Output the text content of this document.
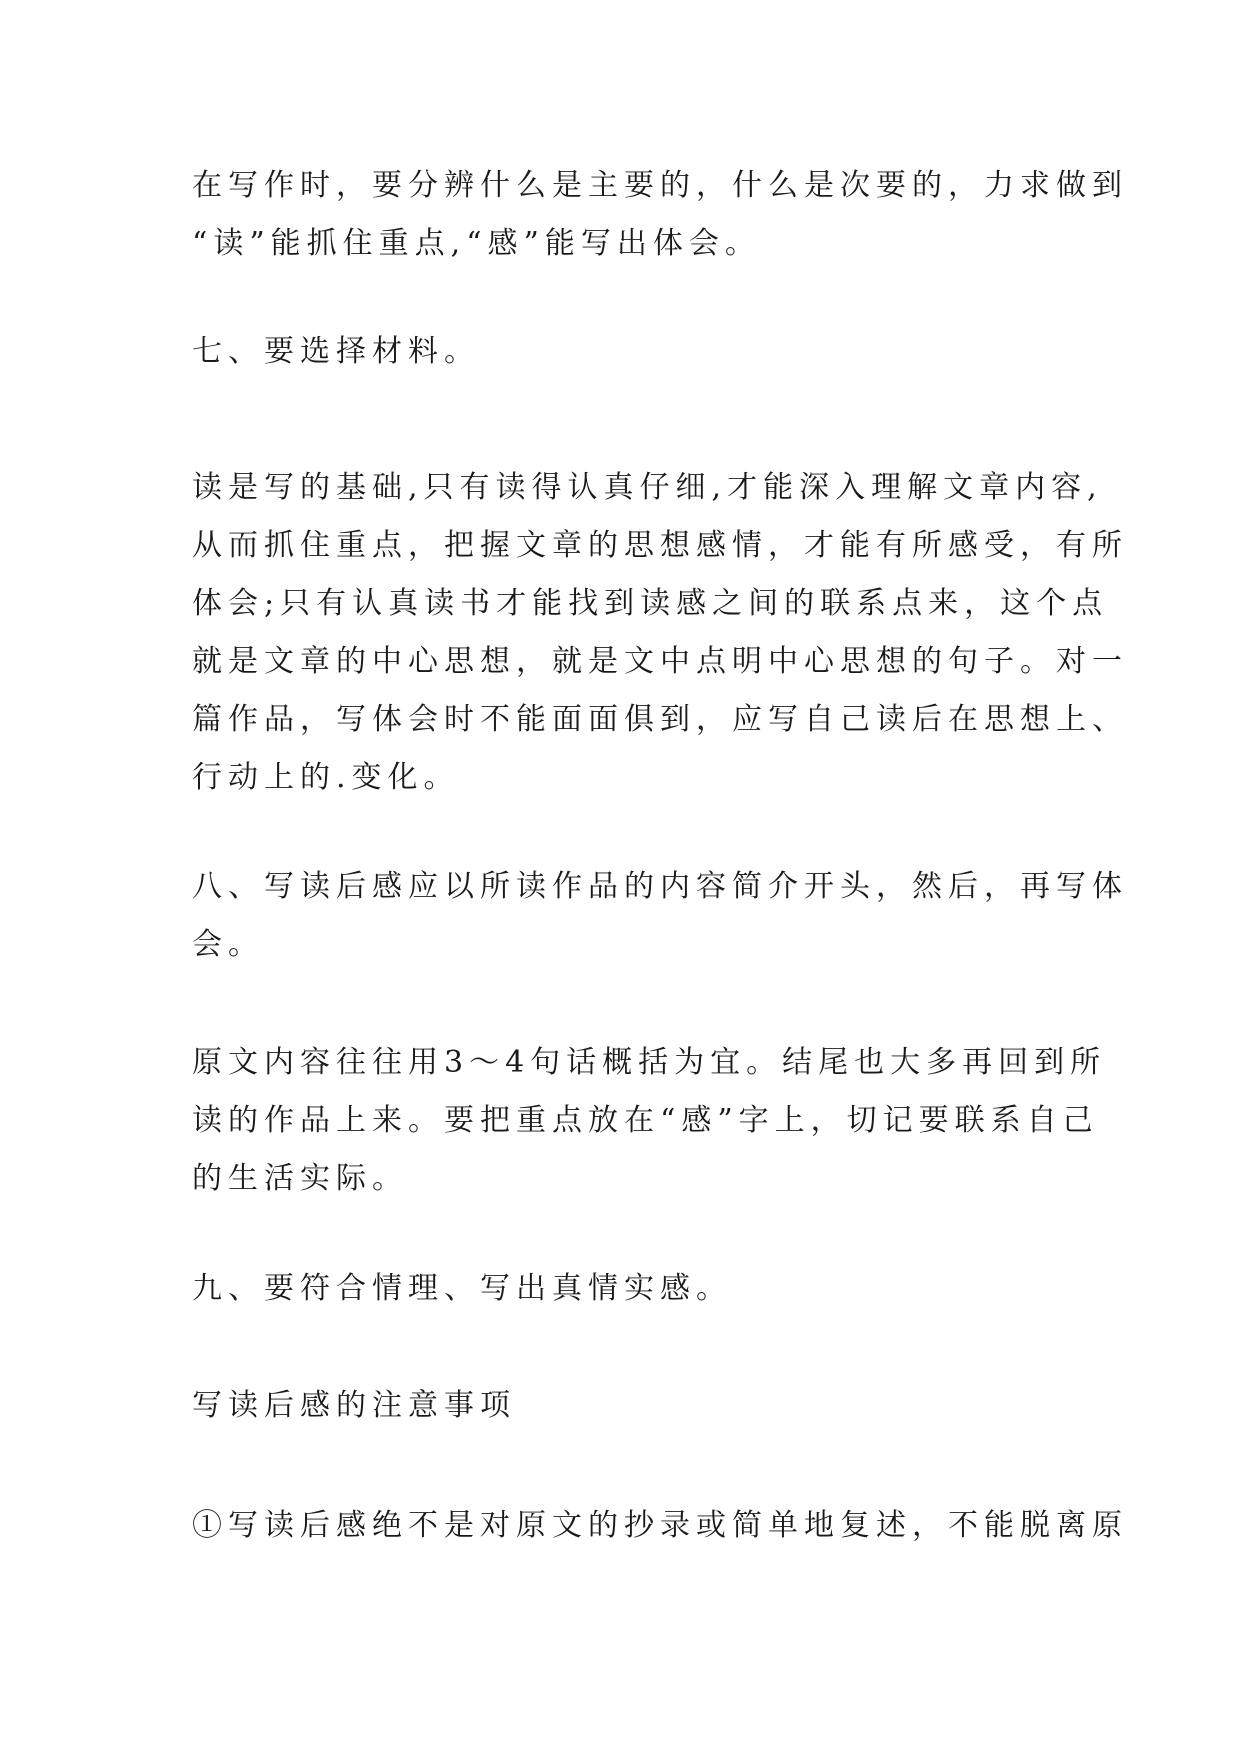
在写作时，要分辨什么是主要的，什么是次要的，力求做到
“读”能抓住重点,“感”能写出体会。
七、要选择材料。
读是写的基础,只有读得认真仔细,才能深入理解文章内容,
从而抓住重点，把握文章的思想感情，才能有所感受，有所
体会;只有认真读书才能找到读感之间的联系点来，这个点
就是文章的中心思想，就是文中点明中心思想的句子。对一
篇作品，写体会时不能面面俱到，应写自己读后在思想上、
行动上的.变化。
八、写读后感应以所读作品的内容简介开头，然后，再写体
会。
原文内容往往用3～4句话概括为宜。结尾也大多再回到所
读的作品上来。要把重点放在“感”字上，切记要联系自己
的生活实际。
九、要符合情理、写出真情实感。
写读后感的注意事项
①写读后感绝不是对原文的抄录或简单地复述，不能脱离原
